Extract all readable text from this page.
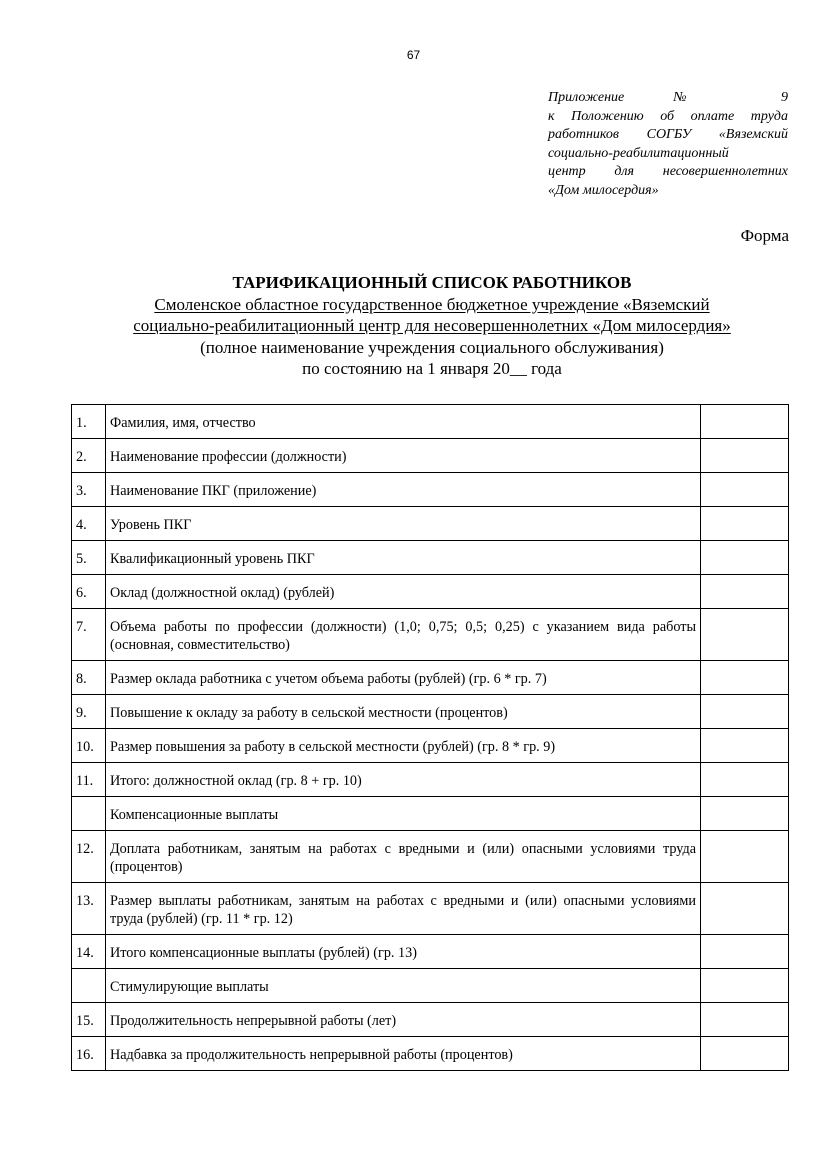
67
Приложение № 9
к Положению об оплате труда
работников СОГБУ «Вяземский
социально-реабилитационный
центр для несовершеннолетних
«Дом милосердия»
Форма
ТАРИФИКАЦИОННЫЙ СПИСОК РАБОТНИКОВ
Смоленское областное государственное бюджетное учреждение «Вяземский
социально-реабилитационный центр для несовершеннолетних «Дом милосердия»
(полное наименование учреждения социального обслуживания)
по состоянию на 1 января 20__ года
1.	Фамилия, имя, отчество	
2.	Наименование профессии (должности)	
3.	Наименование ПКГ (приложение)	
4.	Уровень ПКГ	
5.	Квалификационный уровень ПКГ	
6.	Оклад (должностной оклад) (рублей)	
7.	Объема работы по профессии (должности) (1,0; 0,75; 0,5; 0,25) с указанием вида работы (основная, совместительство)	
8.	Размер оклада работника с учетом объема работы (рублей) (гр. 6 * гр. 7)	
9.	Повышение к окладу за работу в сельской местности (процентов)	
10.	Размер повышения за работу в сельской местности (рублей) (гр. 8 * гр. 9)	
11.	Итого: должностной оклад (гр. 8 + гр. 10)	
	Компенсационные выплаты	
12.	Доплата работникам, занятым на работах с вредными и (или) опасными условиями труда (процентов)	
13.	Размер выплаты работникам, занятым на работах с вредными и (или) опасными условиями труда (рублей) (гр. 11 * гр. 12)	
14.	Итого компенсационные выплаты (рублей) (гр. 13)	
	Стимулирующие выплаты	
15.	Продолжительность непрерывной работы (лет)	
16.	Надбавка за продолжительность непрерывной работы (процентов)	
